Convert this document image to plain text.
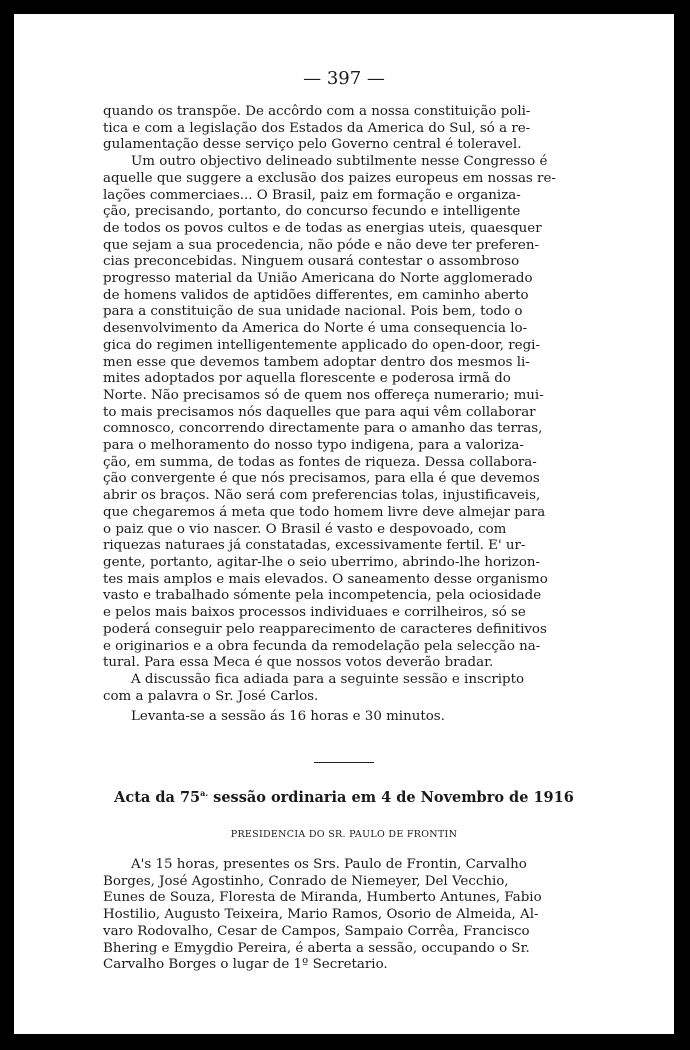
— 397 —

quando os transpõe. De accôrdo com a nossa constituição poli-
tica e com a legislação dos Estados da America do Sul, só a re-
gulamentação desse serviço pelo Governo central é toleravel.

Um outro objectivo delineado subtilmente nesse Congresso é
aquelle que suggere a exclusão dos paizes europeus em nossas re-
lações commerciaes... O Brasil, paiz em formação e organiza-
ção, precisando, portanto, do concurso fecundo e intelligente
de todos os povos cultos e de todas as energias uteis, quaesquer
que sejam a sua procedencia, não póde e não deve ter preferen-
cias preconcebidas. Ninguem ousará contestar o assombroso
progresso material da União Americana do Norte agglomerado
de homens validos de aptidões differentes, em caminho aberto
para a constituição de sua unidade nacional. Pois bem, todo o
desenvolvimento da America do Norte é uma consequencia lo-
gica do regimen intelligentemente applicado do open-door, regi-
men esse que devemos tambem adoptar dentro dos mesmos li-
mites adoptados por aquella florescente e poderosa irmã do
Norte. Não precisamos só de quem nos offereça numerario; mui-
to mais precisamos nós daquelles que para aqui vêm collaborar
comnosco, concorrendo directamente para o amanho das terras,
para o melhoramento do nosso typo indigena, para a valoriza-
ção, em summa, de todas as fontes de riqueza. Dessa collabora-
ção convergente é que nós precisamos, para ella é que devemos
abrir os braços. Não será com preferencias tolas, injustificaveis,
que chegaremos á meta que todo homem livre deve almejar para
o paiz que o vio nascer. O Brasil é vasto e despovoado, com
riquezas naturaes já constatadas, excessivamente fertil. E' ur-
gente, portanto, agitar-lhe o seio uberrimo, abrindo-lhe horizon-
tes mais amplos e mais elevados. O saneamento desse organismo
vasto e trabalhado sómente pela incompetencia, pela ociosidade
e pelos mais baixos processos individuaes e corrilheiros, só se
poderá conseguir pelo reapparecimento de caracteres definitivos
e originarios e a obra fecunda da remodelação pela selecção na-
tural. Para essa Meca é que nossos votos deverão bradar.

A discussão fica adiada para a seguinte sessão e inscripto
com a palavra o Sr. José Carlos.

Levanta-se a sessão ás 16 horas e 30 minutos.

Acta da $75^{a.}$ sessão ordinaria em 4 de Novembro de 1916
PRESIDENCIA DO SR. PAULO DE FRONTIN

A's 15 horas, presentes os Srs. Paulo de Frontin, Carvalho
Borges, José Agostinho, Conrado de Niemeyer, Del Vecchio,
Eunes de Souza, Floresta de Miranda, Humberto Antunes, Fabio
Hostilio, Augusto Teixeira, Mario Ramos, Osorio de Almeida, Al-
varo Rodovalho, Cesar de Campos, Sampaio Corrêa, Francisco
Bhering e Emygdio Pereira, é aberta a sessão, occupando o Sr.
Carvalho Borges o lugar de 1º Secretario.
